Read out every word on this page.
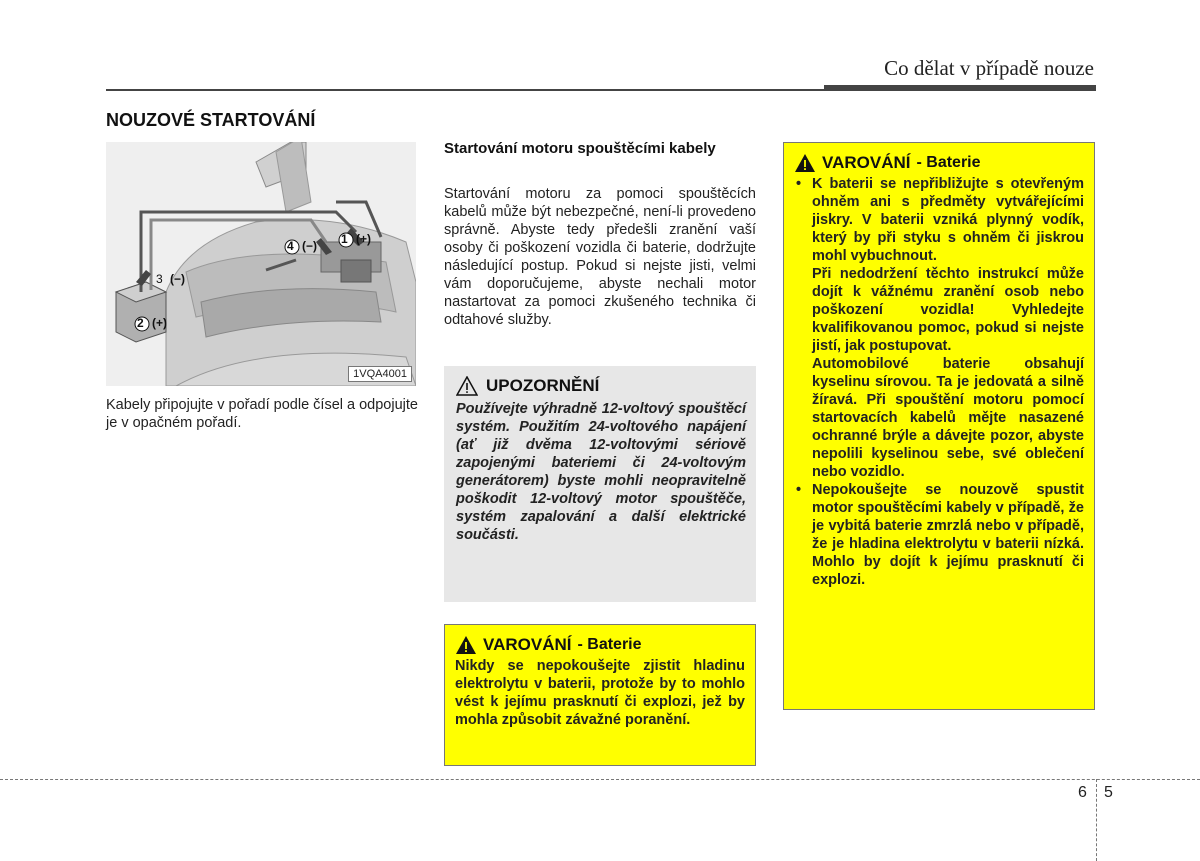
Co dělat v případě nouze
NOUZOVÉ STARTOVÁNÍ
1 (+)
4 (−)
3 (−)
2 (+)
1VQA4001
Kabely připojujte v pořadí podle čísel a odpojujte je v opačném pořadí.
Startování motoru spouštěcími kabely
Startování motoru za pomoci spouštěcích kabelů může být nebezpečné, není-li provedeno správně. Abyste tedy předešli zranění vaší osoby či poškození vozidla či baterie, dodržujte následující postup. Pokud si nejste jisti, velmi vám doporučujeme, abyste nechali motor nastartovat za pomoci zkušeného technika či odtahové služby.
UPOZORNĚNÍ
Používejte výhradně 12-voltový spouštěcí systém. Použitím 24-voltového napájení (ať již dvěma 12-voltovými sériově zapojenými bateriemi či 24-voltovým generátorem) byste mohli neopravitelně poškodit 12-voltový motor spouštěče, systém zapalování a další elektrické součásti.
VAROVÁNÍ - Baterie
Nikdy se nepokoušejte zjistit hladinu elektrolytu v baterii, protože by to mohlo vést k jejímu prasknutí či explozi, jež by mohla způsobit závažné poranění.
VAROVÁNÍ - Baterie

• K baterii se nepřibližujte s otevřeným ohněm ani s předměty vytvářejícími jiskry. V baterii vzniká plynný vodík, který by při styku s ohněm či jiskrou mohl vybuchnout.

Při nedodržení těchto instrukcí může dojít k vážnému zranění osob nebo poškození vozidla! Vyhledejte kvalifikovanou pomoc, pokud si nejste jistí, jak postupovat.

Automobilové baterie obsahují kyselinu sírovou. Ta je jedovatá a silně žíravá. Při spouštění motoru pomocí startovacích kabelů mějte nasazené ochranné brýle a dávejte pozor, abyste nepolili kyselinou sebe, své oblečení nebo vozidlo.

• Nepokoušejte se nouzově spustit motor spouštěcími kabely v případě, že je vybitá baterie zmrzlá nebo v případě, že je hladina elektrolytu v baterii nízká. Mohlo by dojít k jejímu prasknutí či explozi.

6 5
